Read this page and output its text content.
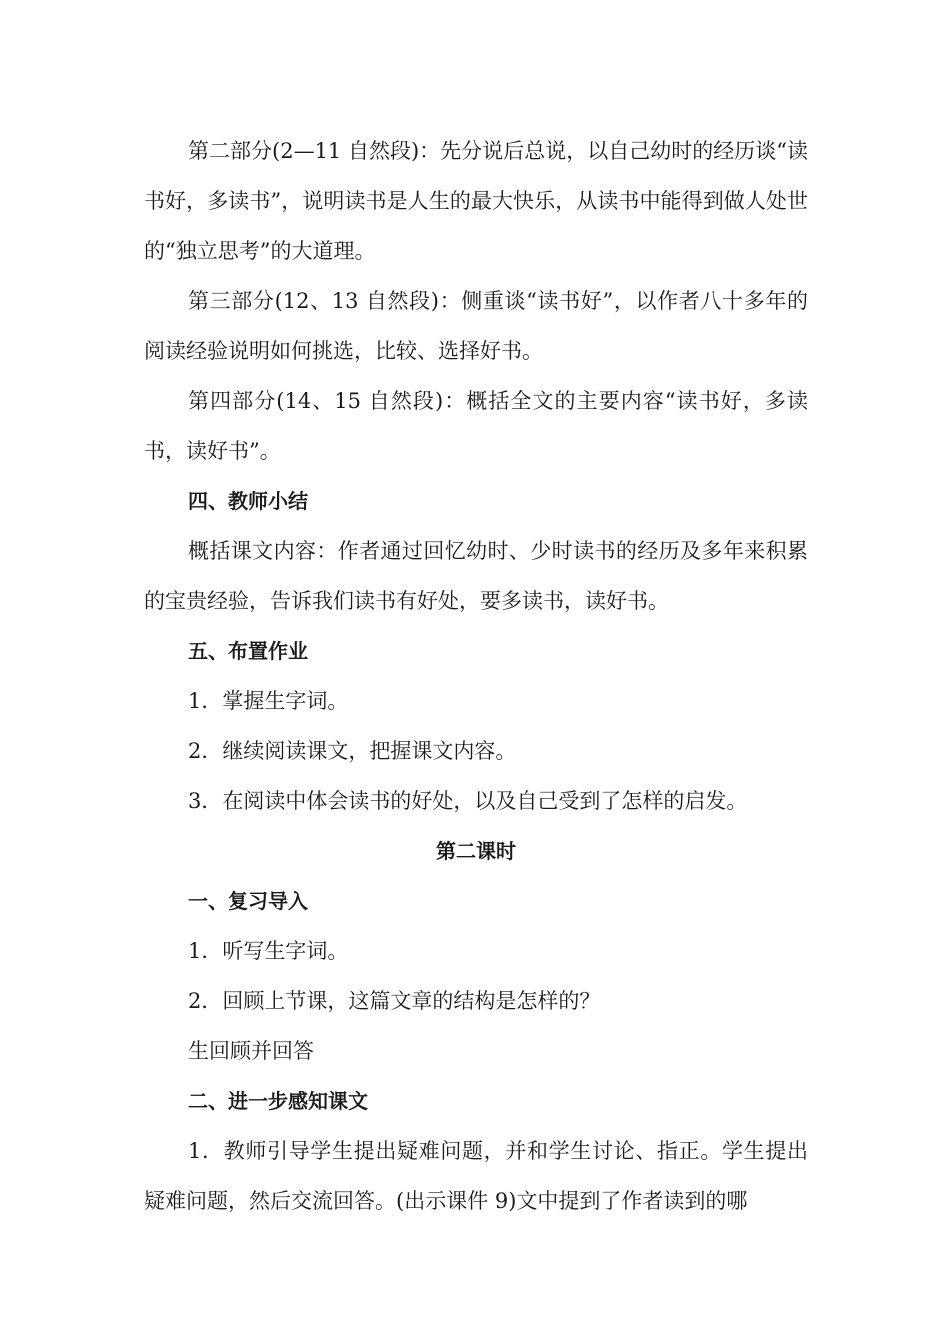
第二部分(2—11 自然段)：先分说后总说，以自己幼时的经历谈“读书好，多读书”，说明读书是人生的最大快乐，从读书中能得到做人处世的“独立思考”的大道理。

第三部分(12、13 自然段)：侧重谈“读书好”，以作者八十多年的阅读经验说明如何挑选，比较、选择好书。

第四部分(14、15 自然段)：概括全文的主要内容“读书好，多读书，读好书”。

四、教师小结

概括课文内容：作者通过回忆幼时、少时读书的经历及多年来积累的宝贵经验，告诉我们读书有好处，要多读书，读好书。

五、布置作业

1．掌握生字词。

2．继续阅读课文，把握课文内容。

3．在阅读中体会读书的好处，以及自己受到了怎样的启发。

第二课时

一、复习导入

1．听写生字词。

2．回顾上节课，这篇文章的结构是怎样的？

生回顾并回答

二、进一步感知课文

1．教师引导学生提出疑难问题，并和学生讨论、指正。学生提出疑难问题，然后交流回答。(出示课件 9)文中提到了作者读到的哪
